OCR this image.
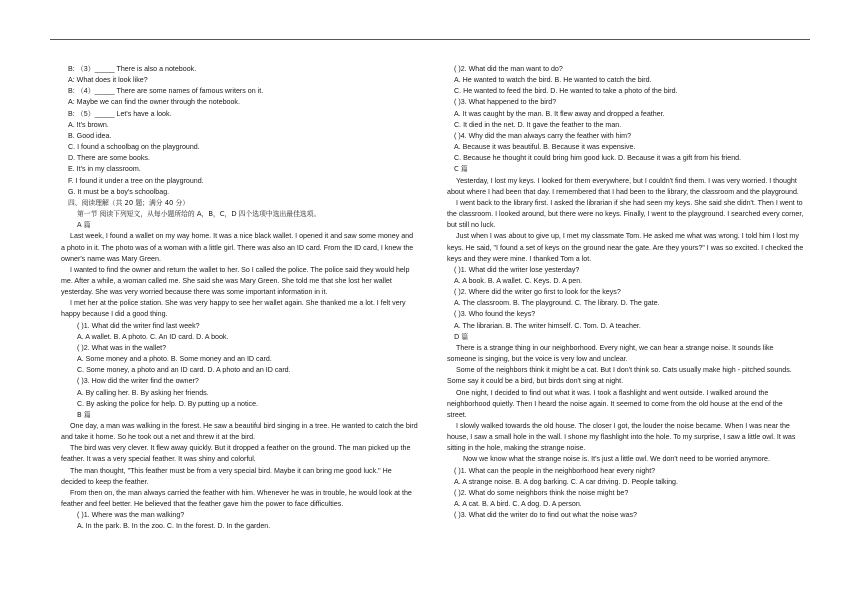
B: （3）_____ There is also a notebook.
A: What does it look like?
B: （4）_____ There are some names of famous writers on it.
A: Maybe we can find the owner through the notebook.
B: （5）_____ Let's have a look.
A. It's brown.
B. Good idea.
C. I found a schoolbag on the playground.
D. There are some books.
E. It's in my classroom.
F. I found it under a tree on the playground.
G. It must be a boy's schoolbag.
四、阅读理解（共 20 题；满分 40 分）
第一节 阅读下列短文，从每小题所给的 A，B，C，D 四个选项中选出最佳选项。
A 篇
Last week, I found a wallet on my way home. It was a nice black wallet. I opened it and saw some money and a photo in it. The photo was of a woman with a little girl. There was also an ID card. From the ID card, I knew the owner's name was Mary Green.
I wanted to find the owner and return the wallet to her. So I called the police. The police said they would help me. After a while, a woman called me. She said she was Mary Green. She told me that she lost her wallet yesterday. She was very worried because there was some important information in it.
I met her at the police station. She was very happy to see her wallet again. She thanked me a lot. I felt very happy because I did a good thing.
( )1. What did the writer find last week?
A. A wallet. B. A photo. C. An ID card. D. A book.
( )2. What was in the wallet?
A. Some money and a photo. B. Some money and an ID card.
C. Some money, a photo and an ID card. D. A photo and an ID card.
( )3. How did the writer find the owner?
A. By calling her. B. By asking her friends.
C. By asking the police for help. D. By putting up a notice.
B 篇
One day, a man was walking in the forest. He saw a beautiful bird singing in a tree. He wanted to catch the bird and take it home. So he took out a net and threw it at the bird.
The bird was very clever. It flew away quickly. But it dropped a feather on the ground. The man picked up the feather. It was a very special feather. It was shiny and colorful.
The man thought, "This feather must be from a very special bird. Maybe it can bring me good luck." He decided to keep the feather.
From then on, the man always carried the feather with him. Whenever he was in trouble, he would look at the feather and feel better. He believed that the feather gave him the power to face difficulties.
( )1. Where was the man walking?
A. In the park. B. In the zoo. C. In the forest. D. In the garden.
( )2. What did the man want to do?
A. He wanted to watch the bird. B. He wanted to catch the bird.
C. He wanted to feed the bird. D. He wanted to take a photo of the bird.
( )3. What happened to the bird?
A. It was caught by the man. B. It flew away and dropped a feather.
C. It died in the net. D. It gave the feather to the man.
( )4. Why did the man always carry the feather with him?
A. Because it was beautiful. B. Because it was expensive.
C. Because he thought it could bring him good luck. D. Because it was a gift from his friend.
C 篇
Yesterday, I lost my keys. I looked for them everywhere, but I couldn't find them. I was very worried. I thought about where I had been that day. I remembered that I had been to the library, the classroom and the playground.
I went back to the library first. I asked the librarian if she had seen my keys. She said she didn't. Then I went to the classroom. I looked around, but there were no keys. Finally, I went to the playground. I searched every corner, but still no luck.
Just when I was about to give up, I met my classmate Tom. He asked me what was wrong. I told him I lost my keys. He said, "I found a set of keys on the ground near the gate. Are they yours?" I was so excited. I checked the keys and they were mine. I thanked Tom a lot.
( )1. What did the writer lose yesterday?
A. A book. B. A wallet. C. Keys. D. A pen.
( )2. Where did the writer go first to look for the keys?
A. The classroom. B. The playground. C. The library. D. The gate.
( )3. Who found the keys?
A. The librarian. B. The writer himself. C. Tom. D. A teacher.
D 篇
There is a strange thing in our neighborhood. Every night, we can hear a strange noise. It sounds like someone is singing, but the voice is very low and unclear.
Some of the neighbors think it might be a cat. But I don't think so. Cats usually make high - pitched sounds. Some say it could be a bird, but birds don't sing at night.
One night, I decided to find out what it was. I took a flashlight and went outside. I walked around the neighborhood quietly. Then I heard the noise again. It seemed to come from the old house at the end of the street.
I slowly walked towards the old house. The closer I got, the louder the noise became. When I was near the house, I saw a small hole in the wall. I shone my flashlight into the hole. To my surprise, I saw a little owl. It was sitting in the hole, making the strange noise.
Now we know what the strange noise is. It's just a little owl. We don't need to be worried anymore.
( )1. What can the people in the neighborhood hear every night?
A. A strange noise. B. A dog barking. C. A car driving. D. People talking.
( )2. What do some neighbors think the noise might be?
A. A cat. B. A bird. C. A dog. D. A person.
( )3. What did the writer do to find out what the noise was?
